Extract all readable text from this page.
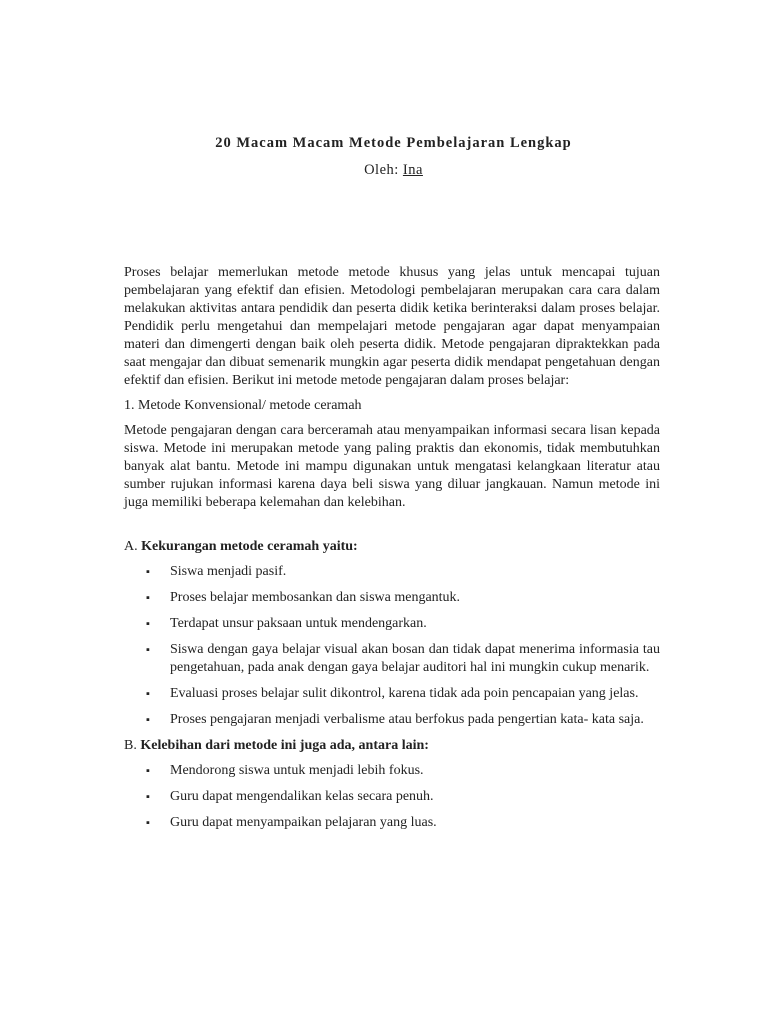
20 Macam Macam Metode Pembelajaran Lengkap
Oleh: Ina

Proses belajar memerlukan metode metode khusus yang jelas untuk mencapai tujuan pembelajaran yang efektif dan efisien. Metodologi pembelajaran merupakan cara cara dalam melakukan aktivitas antara pendidik dan peserta didik ketika berinteraksi dalam proses belajar. Pendidik perlu mengetahui dan mempelajari metode pengajaran agar dapat menyampaian materi dan dimengerti dengan baik oleh peserta didik. Metode pengajaran dipraktekkan pada saat mengajar dan dibuat semenarik mungkin agar peserta didik mendapat pengetahuan dengan efektif dan efisien. Berikut ini metode metode pengajaran dalam proses belajar:

1. Metode Konvensional/ metode ceramah

Metode pengajaran dengan cara berceramah atau menyampaikan informasi secara lisan kepada siswa. Metode ini merupakan metode yang paling praktis dan ekonomis, tidak membutuhkan banyak alat bantu. Metode ini mampu digunakan untuk mengatasi kelangkaan literatur atau sumber rujukan informasi karena daya beli siswa yang diluar jangkauan. Namun metode ini juga memiliki beberapa kelemahan dan kelebihan.

A. Kekurangan metode ceramah yaitu:

▪ Siswa menjadi pasif.
▪ Proses belajar membosankan dan siswa mengantuk.
▪ Terdapat unsur paksaan untuk mendengarkan.
▪ Siswa dengan gaya belajar visual akan bosan dan tidak dapat menerima informasia tau pengetahuan, pada anak dengan gaya belajar auditori hal ini mungkin cukup menarik.
▪ Evaluasi proses belajar sulit dikontrol, karena tidak ada poin pencapaian yang jelas.
▪ Proses pengajaran menjadi verbalisme atau berfokus pada pengertian kata- kata saja.

B. Kelebihan dari metode ini juga ada, antara lain:

▪ Mendorong siswa untuk menjadi lebih fokus.
▪ Guru dapat mengendalikan kelas secara penuh.
▪ Guru dapat menyampaikan pelajaran yang luas.
